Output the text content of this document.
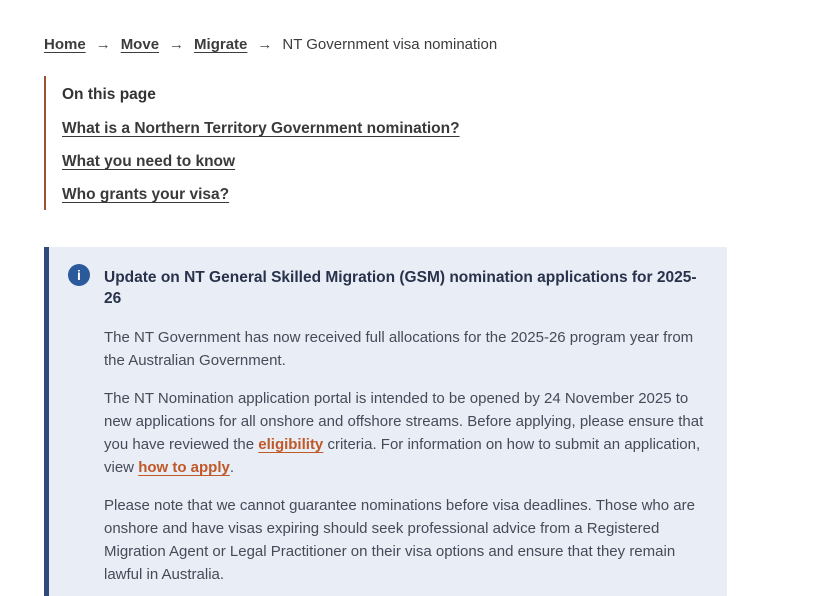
Home → Move → Migrate → NT Government visa nomination
On this page
What is a Northern Territory Government nomination?
What you need to know
Who grants your visa?
i	Update on NT General Skilled Migration (GSM) nomination applications for 2025-26

The NT Government has now received full allocations for the 2025-26 program year from the Australian Government.

The NT Nomination application portal is intended to be opened by 24 November 2025 to new applications for all onshore and offshore streams. Before applying, please ensure that you have reviewed the eligibility criteria. For information on how to submit an application, view how to apply.

Please note that we cannot guarantee nominations before visa deadlines. Those who are onshore and have visas expiring should seek professional advice from a Registered Migration Agent or Legal Practitioner on their visa options and ensure that they remain lawful in Australia.
